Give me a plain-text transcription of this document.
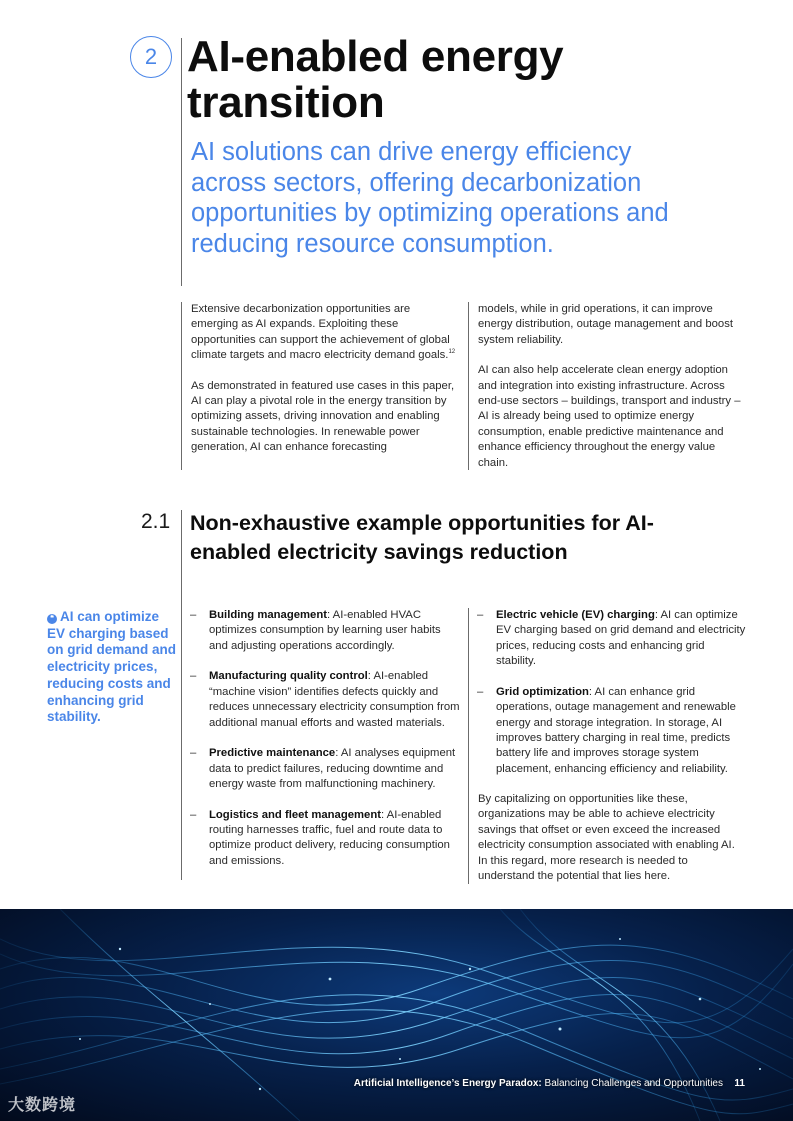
2 AI-enabled energy transition

AI solutions can drive energy efficiency across sectors, offering decarbonization opportunities by optimizing operations and reducing resource consumption.

Extensive decarbonization opportunities are emerging as AI expands. Exploiting these opportunities can support the achievement of global climate targets and macro electricity demand goals.$^{12}$

As demonstrated in featured use cases in this paper, AI can play a pivotal role in the energy transition by optimizing assets, driving innovation and enabling sustainable technologies. In renewable power generation, AI can enhance forecasting

models, while in grid operations, it can improve energy distribution, outage management and boost system reliability.

AI can also help accelerate clean energy adoption and integration into existing infrastructure. Across end-use sectors – buildings, transport and industry – AI is already being used to optimize energy consumption, enable predictive maintenance and enhance efficiency throughout the energy value chain.

2.1 Non-exhaustive example opportunities for AI-enabled electricity savings reduction
❝ AI can optimize EV charging based on grid demand and electricity prices, reducing costs and enhancing grid stability.
– Building management: AI-enabled HVAC optimizes consumption by learning user habits and adjusting operations accordingly.
– Manufacturing quality control: AI-enabled “machine vision” identifies defects quickly and reduces unnecessary electricity consumption from additional manual efforts and wasted materials.
– Predictive maintenance: AI analyses equipment data to predict failures, reducing downtime and energy waste from malfunctioning machinery.
– Logistics and fleet management: AI-enabled routing harnesses traffic, fuel and route data to optimize product delivery, reducing consumption and emissions.
– Electric vehicle (EV) charging: AI can optimize EV charging based on grid demand and electricity prices, reducing costs and enhancing grid stability.
– Grid optimization: AI can enhance grid operations, outage management and renewable energy and storage integration. In storage, AI improves battery charging in real time, predicts battery life and improves storage system placement, enhancing efficiency and reliability.

By capitalizing on opportunities like these, organizations may be able to achieve electricity savings that offset or even exceed the increased electricity consumption associated with enabling AI. In this regard, more research is needed to understand the potential that lies here.

大数跨境
Artificial Intelligence’s Energy Paradox: Balancing Challenges and Opportunities 11
